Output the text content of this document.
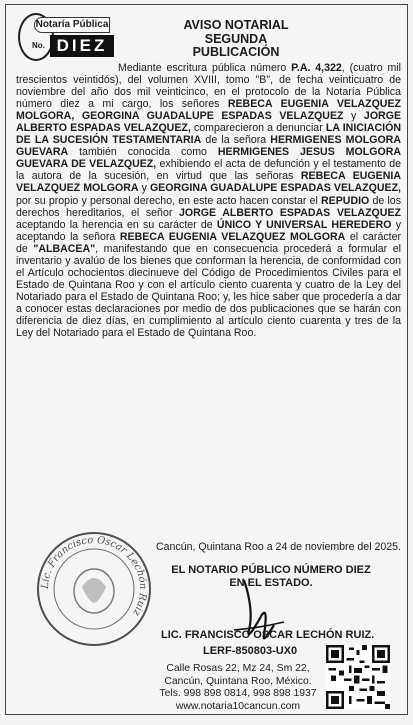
Notaría Pública
No. DIEZ
AVISO NOTARIAL
SEGUNDA
PUBLICACIÓN
Mediante escritura pública número P.A. 4,322, (cuatro mil trescientos veintidós), del volumen XVIII, tomo "B", de fecha veinticuatro de noviembre del año dos mil veinticinco, en el protocolo de la Notaría Pública número diez a mi cargo, los señores REBECA EUGENIA VELAZQUEZ MOLGORA, GEORGINA GUADALUPE ESPADAS VELAZQUEZ y JORGE ALBERTO ESPADAS VELAZQUEZ, comparecieron a denunciar LA INICIACIÓN DE LA SUCESIÓN TESTAMENTARIA de la señora HERMIGENES MOLGORA GUEVARA también conocida como HERMIGENES JESUS MOLGORA GUEVARA DE VELAZQUEZ, exhibiendo el acta de defunción y el testamento de la autora de la sucesión, en virtud que las señoras REBECA EUGENIA VELAZQUEZ MOLGORA y GEORGINA GUADALUPE ESPADAS VELAZQUEZ, por su propio y personal derecho, en este acto hacen constar el REPUDIO de los derechos hereditarios, el señor JORGE ALBERTO ESPADAS VELAZQUEZ aceptando la herencia en su carácter de ÚNICO Y UNIVERSAL HEREDERO y aceptando la señora REBECA EUGENIA VELAZQUEZ MOLGORA el carácter de "ALBACEA", manifestando que en consecuencia procederá a formular el inventario y avalúo de los bienes que conforman la herencia, de conformidad con el Artículo ochocientos diecinueve del Código de Procedimientos Civiles para el Estado de Quintana Roo y con el artículo ciento cuarenta y cuatro de la Ley del Notariado para el Estado de Quintana Roo; y, les hice saber que procedería a dar a conocer estas declaraciones por medio de dos publicaciones que se harán con diferencia de diez días, en cumplimiento al artículo ciento cuarenta y tres de la Ley del Notariado para el Estado de Quintana Roo.
Lic. Francisco Oscar Lechón Ruiz
Cancún, Quintana Roo a 24 de noviembre del 2025.
EL NOTARIO PÚBLICO NÚMERO DIEZ
EN EL ESTADO.
LIC. FRANCISCO OSCAR LECHÓN RUIZ.
LERF-850803-UX0
Calle Rosas 22, Mz 24, Sm 22,
Cancún, Quintana Roo, México.
Tels. 998 898 0814, 998 898 1937
www.notaria10cancun.com
